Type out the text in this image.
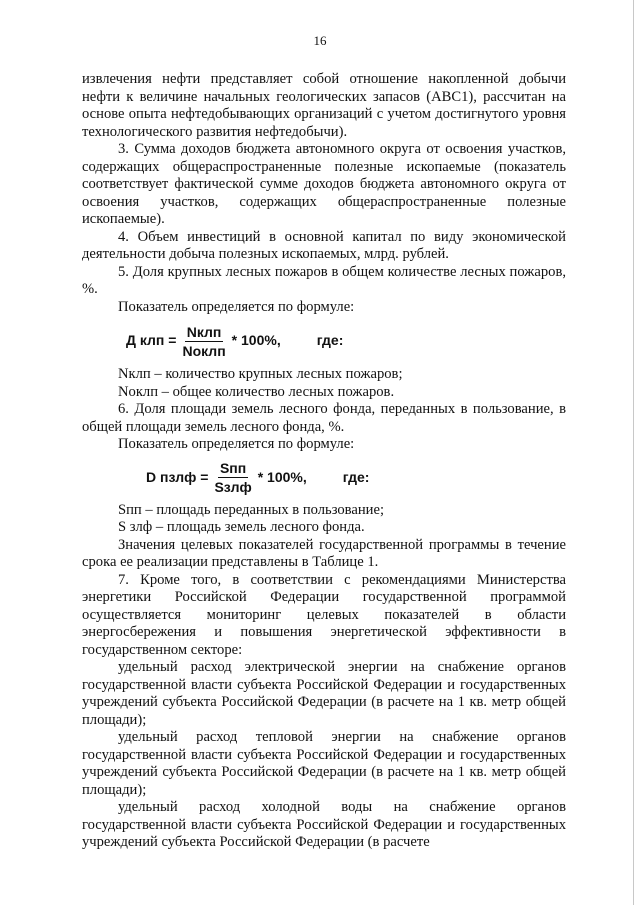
16

извлечения нефти представляет собой отношение накопленной добычи нефти к величине начальных геологических запасов (ABC1), рассчитан на основе опыта нефтедобывающих организаций с учетом достигнутого уровня технологического развития нефтедобычи).

3. Сумма доходов бюджета автономного округа от освоения участков, содержащих общераспространенные полезные ископаемые (показатель соответствует фактической сумме доходов бюджета автономного округа от освоения участков, содержащих общераспространенные полезные ископаемые).

4. Объем инвестиций в основной капитал по виду экономической деятельности добыча полезных ископаемых, млрд. рублей.

5. Доля крупных лесных пожаров в общем количестве лесных пожаров, %.

Показатель определяется по формуле:

Д клп = $\frac{\text{Nклп}}{\text{Nоклп}} * 100\%$,	где:

Nклп – количество крупных лесных пожаров;

Nоклп – общее количество лесных пожаров.

6. Доля площади земель лесного фонда, переданных в пользование, в общей площади земель лесного фонда, %.

Показатель определяется по формуле:

D пзлф = $\frac{\text{Sпп}}{\text{Sзлф}} * 100\%$,	где:

Sпп – площадь переданных в пользование;

S злф – площадь земель лесного фонда.

Значения целевых показателей государственной программы в течение срока ее реализации представлены в Таблице 1.

7. Кроме того, в соответствии с рекомендациями Министерства энергетики Российской Федерации государственной программой осуществляется мониторинг целевых показателей в области энергосбережения и повышения энергетической эффективности в государственном секторе:

удельный расход электрической энергии на снабжение органов государственной власти субъекта Российской Федерации и государственных учреждений субъекта Российской Федерации (в расчете на 1 кв. метр общей площади);

удельный расход тепловой энергии на снабжение органов государственной власти субъекта Российской Федерации и государственных учреждений субъекта Российской Федерации (в расчете на 1 кв. метр общей площади);

удельный расход холодной воды на снабжение органов государственной власти субъекта Российской Федерации и государственных учреждений субъекта Российской Федерации (в расчете
